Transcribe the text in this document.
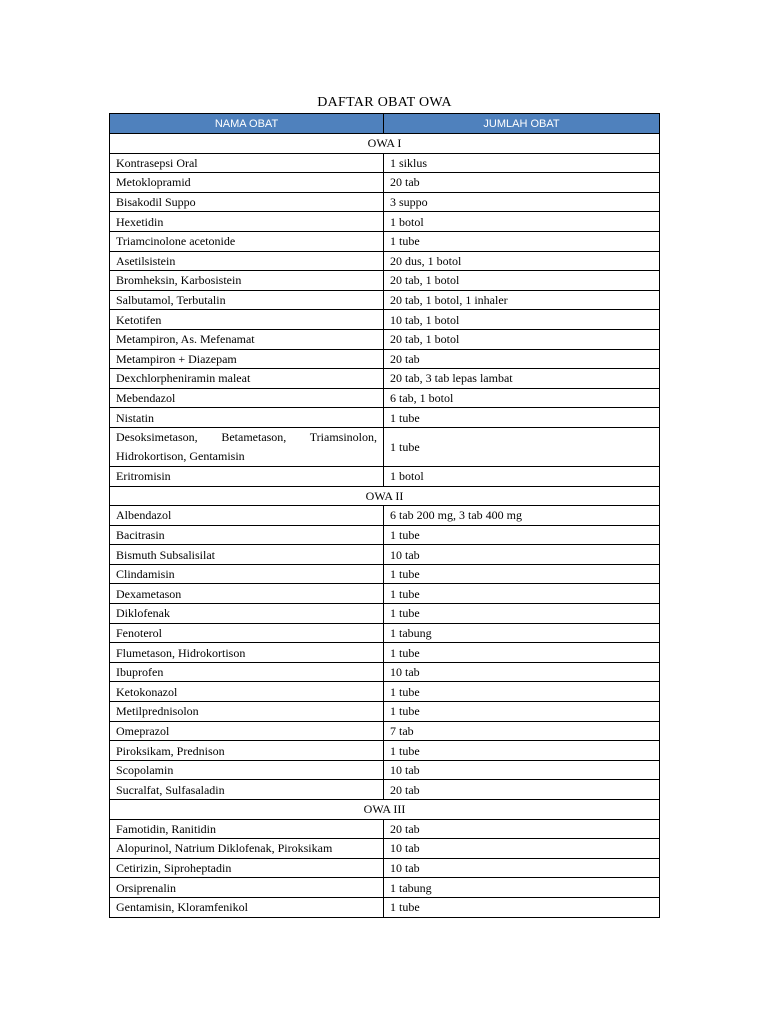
DAFTAR OBAT OWA
NAMA OBAT	JUMLAH OBAT
OWA I	
Kontrasepsi Oral	1 siklus
Metoklopramid	20 tab
Bisakodil Suppo	3 suppo
Hexetidin	1 botol
Triamcinolone acetonide	1 tube
Asetilsistein	20 dus, 1 botol
Bromheksin, Karbosistein	20 tab, 1 botol
Salbutamol, Terbutalin	20 tab, 1 botol, 1 inhaler
Ketotifen	10 tab, 1 botol
Metampiron, As. Mefenamat	20 tab, 1 botol
Metampiron + Diazepam	20 tab
Dexchlorpheniramin maleat	20 tab, 3 tab lepas lambat
Mebendazol	6 tab, 1 botol
Nistatin	1 tube
Desoksimetason, Betametason, Triamsinolon, Hidrokortison, Gentamisin	1 tube
Eritromisin	1 botol
OWA II	
Albendazol	6 tab 200 mg, 3 tab 400 mg
Bacitrasin	1 tube
Bismuth Subsalisilat	10 tab
Clindamisin	1 tube
Dexametason	1 tube
Diklofenak	1 tube
Fenoterol	1 tabung
Flumetason, Hidrokortison	1 tube
Ibuprofen	10 tab
Ketokonazol	1 tube
Metilprednisolon	1 tube
Omeprazol	7 tab
Piroksikam, Prednison	1 tube
Scopolamin	10 tab
Sucralfat, Sulfasaladin	20 tab
OWA III	
Famotidin, Ranitidin	20 tab
Alopurinol, Natrium Diklofenak, Piroksikam	10 tab
Cetirizin, Siproheptadin	10 tab
Orsiprenalin	1 tabung
Gentamisin, Kloramfenikol	1 tube
